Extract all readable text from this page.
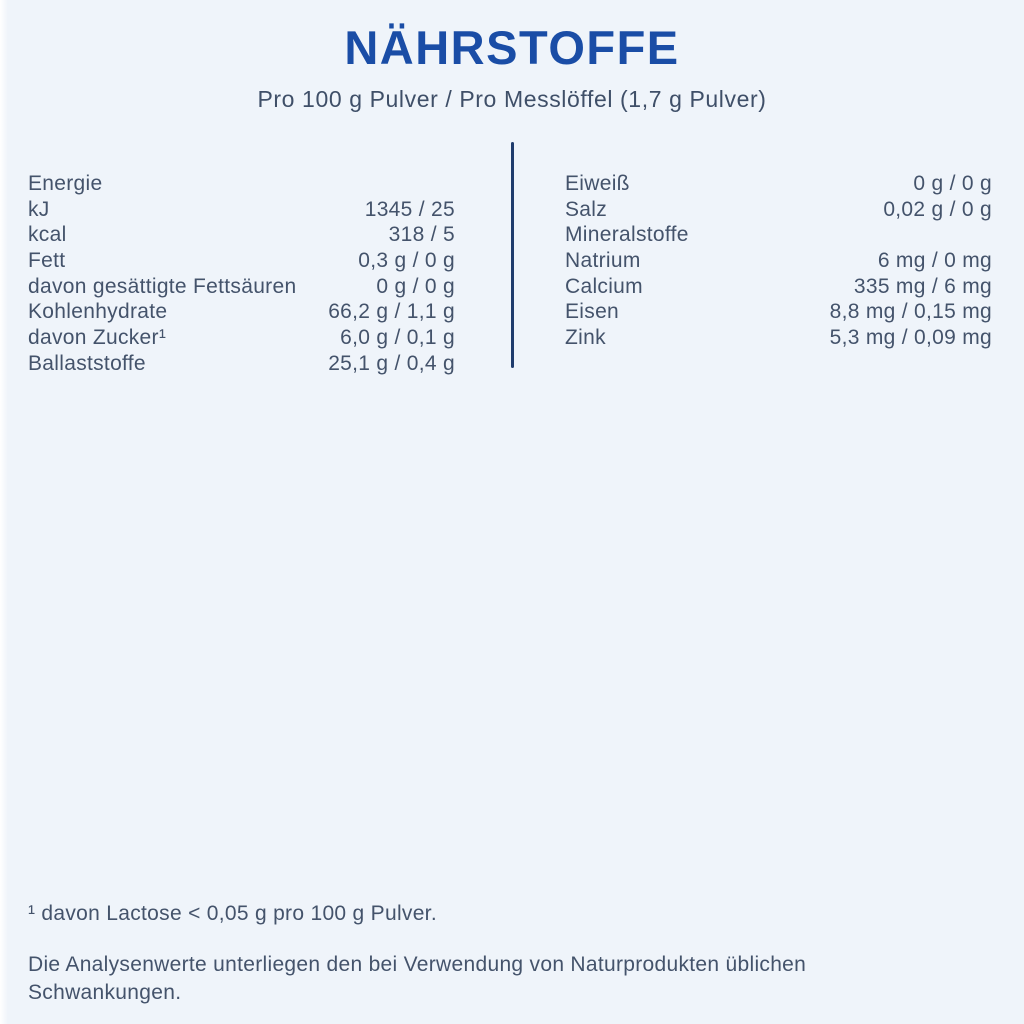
NÄHRSTOFFE
Pro 100 g Pulver / Pro Messlöffel (1,7 g Pulver)
Energie
kJ	1345 / 25
kcal	318 / 5
Fett	0,3 g / 0 g
davon gesättigte Fettsäuren	0 g / 0 g
Kohlenhydrate	66,2 g / 1,1 g
davon Zucker¹	6,0 g / 0,1 g
Ballaststoffe	25,1 g / 0,4 g
Eiweiß	0 g / 0 g
Salz	0,02 g / 0 g
Mineralstoffe
Natrium	6 mg / 0 mg
Calcium	335 mg / 6 mg
Eisen	8,8 mg / 0,15 mg
Zink	5,3 mg / 0,09 mg
¹ davon Lactose < 0,05 g pro 100 g Pulver.
Die Analysenwerte unterliegen den bei Verwendung von Naturprodukten üblichen Schwankungen.
